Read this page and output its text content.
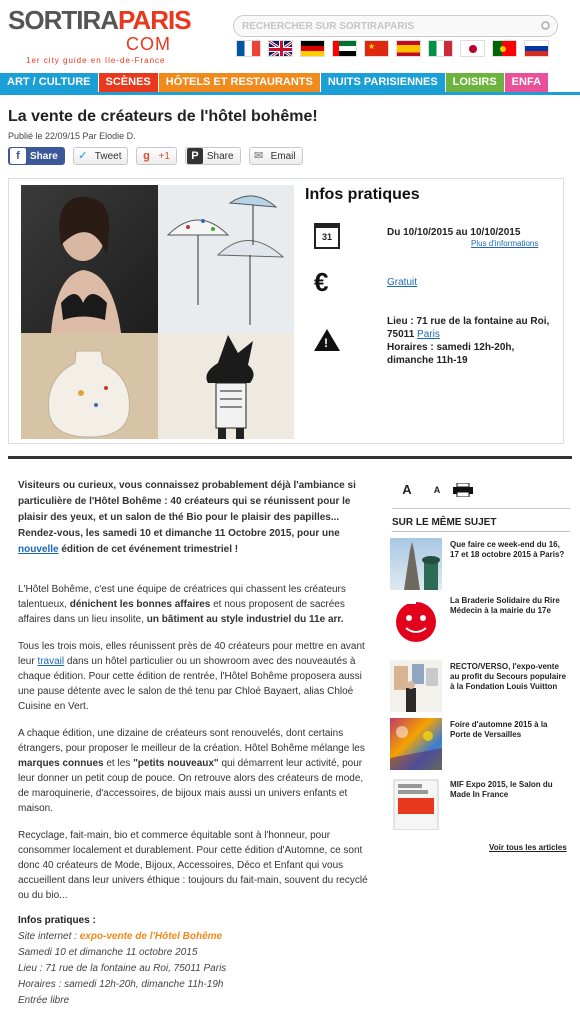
SORTIRAPARIS
COM
1er city guide en Ile-de-France
RECHERCHER SUR SORTIRAPARIS
★
ART / CULTURE	SCÈNES	HÔTELS ET RESTAURANTS	NUITS PARISIENNES	LOISIRS	ENFA
La vente de créateurs de l'hôtel bohême!
Publié le 22/09/15 Par Elodie D.
f	Share	✓ Tweet	g +1	P Share	✉ Email
Infos pratiques
31	Du 10/10/2015 au 10/10/2015
Plus d'informations
€	Gratuit
!
Lieu : 71 rue de la fontaine au Roi, 75011 Paris
Horaires : samedi 12h-20h, dimanche 11h-19
Visiteurs ou curieux, vous connaissez probablement déjà l'ambiance si particulière de l'Hôtel Bohême : 40 créateurs qui se réunissent pour le plaisir des yeux, et un salon de thé Bio pour le plaisir des papilles... Rendez-vous, les samedi 10 et dimanche 11 Octobre 2015, pour une nouvelle édition de cet événement trimestriel !
L'Hôtel Bohême, c'est une équipe de créatrices qui chassent les créateurs talentueux, dénichent les bonnes affaires et nous proposent de sacrées affaires dans un lieu insolite, un bâtiment au style industriel du 11e arr.
Tous les trois mois, elles réunissent près de 40 créateurs pour mettre en avant leur travail dans un hôtel particulier ou un showroom avec des nouveautés à chaque édition. Pour cette édition de rentrée, l'Hôtel Bohême proposera aussi une pause détente avec le salon de thé tenu par Chloé Bayaert, alias Chloé Cuisine en Vert.
A chaque édition, une dizaine de créateurs sont renouvelés, dont certains étrangers, pour proposer le meilleur de la création. Hôtel Bohême mélange les marques connues et les "petits nouveaux" qui démarrent leur activité, pour leur donner un petit coup de pouce. On retrouve alors des créateurs de mode, de maroquinerie, d'accessoires, de bijoux mais aussi un univers enfants et maison.
Recyclage, fait-main, bio et commerce équitable sont à l'honneur, pour consommer localement et durablement. Pour cette édition d'Automne, ce sont donc 40 créateurs de Mode, Bijoux, Accessoires, Déco et Enfant qui vous accueillent dans leur univers éthique : toujours du fait-main, souvent du recyclé ou du bio...
Infos pratiques :
Site internet : expo-vente de l'Hôtel Bohême
Samedi 10 et dimanche 11 octobre 2015
Lieu : 71 rue de la fontaine au Roi, 75011 Paris
Horaires : samedi 12h-20h, dimanche 11h-19h
Entrée libre
A	A
SUR LE MÊME SUJET
Que faire ce week-end du 16, 17 et 18 octobre 2015 à Paris?
La Braderie Solidaire du Rire Médecin à la mairie du 17e
RECTO/VERSO, l'expo-vente au profit du Secours populaire à la Fondation Louis Vuitton
Foire d'automne 2015 à la Porte de Versailles
MIF Expo 2015, le Salon du Made In France
Voir tous les articles
